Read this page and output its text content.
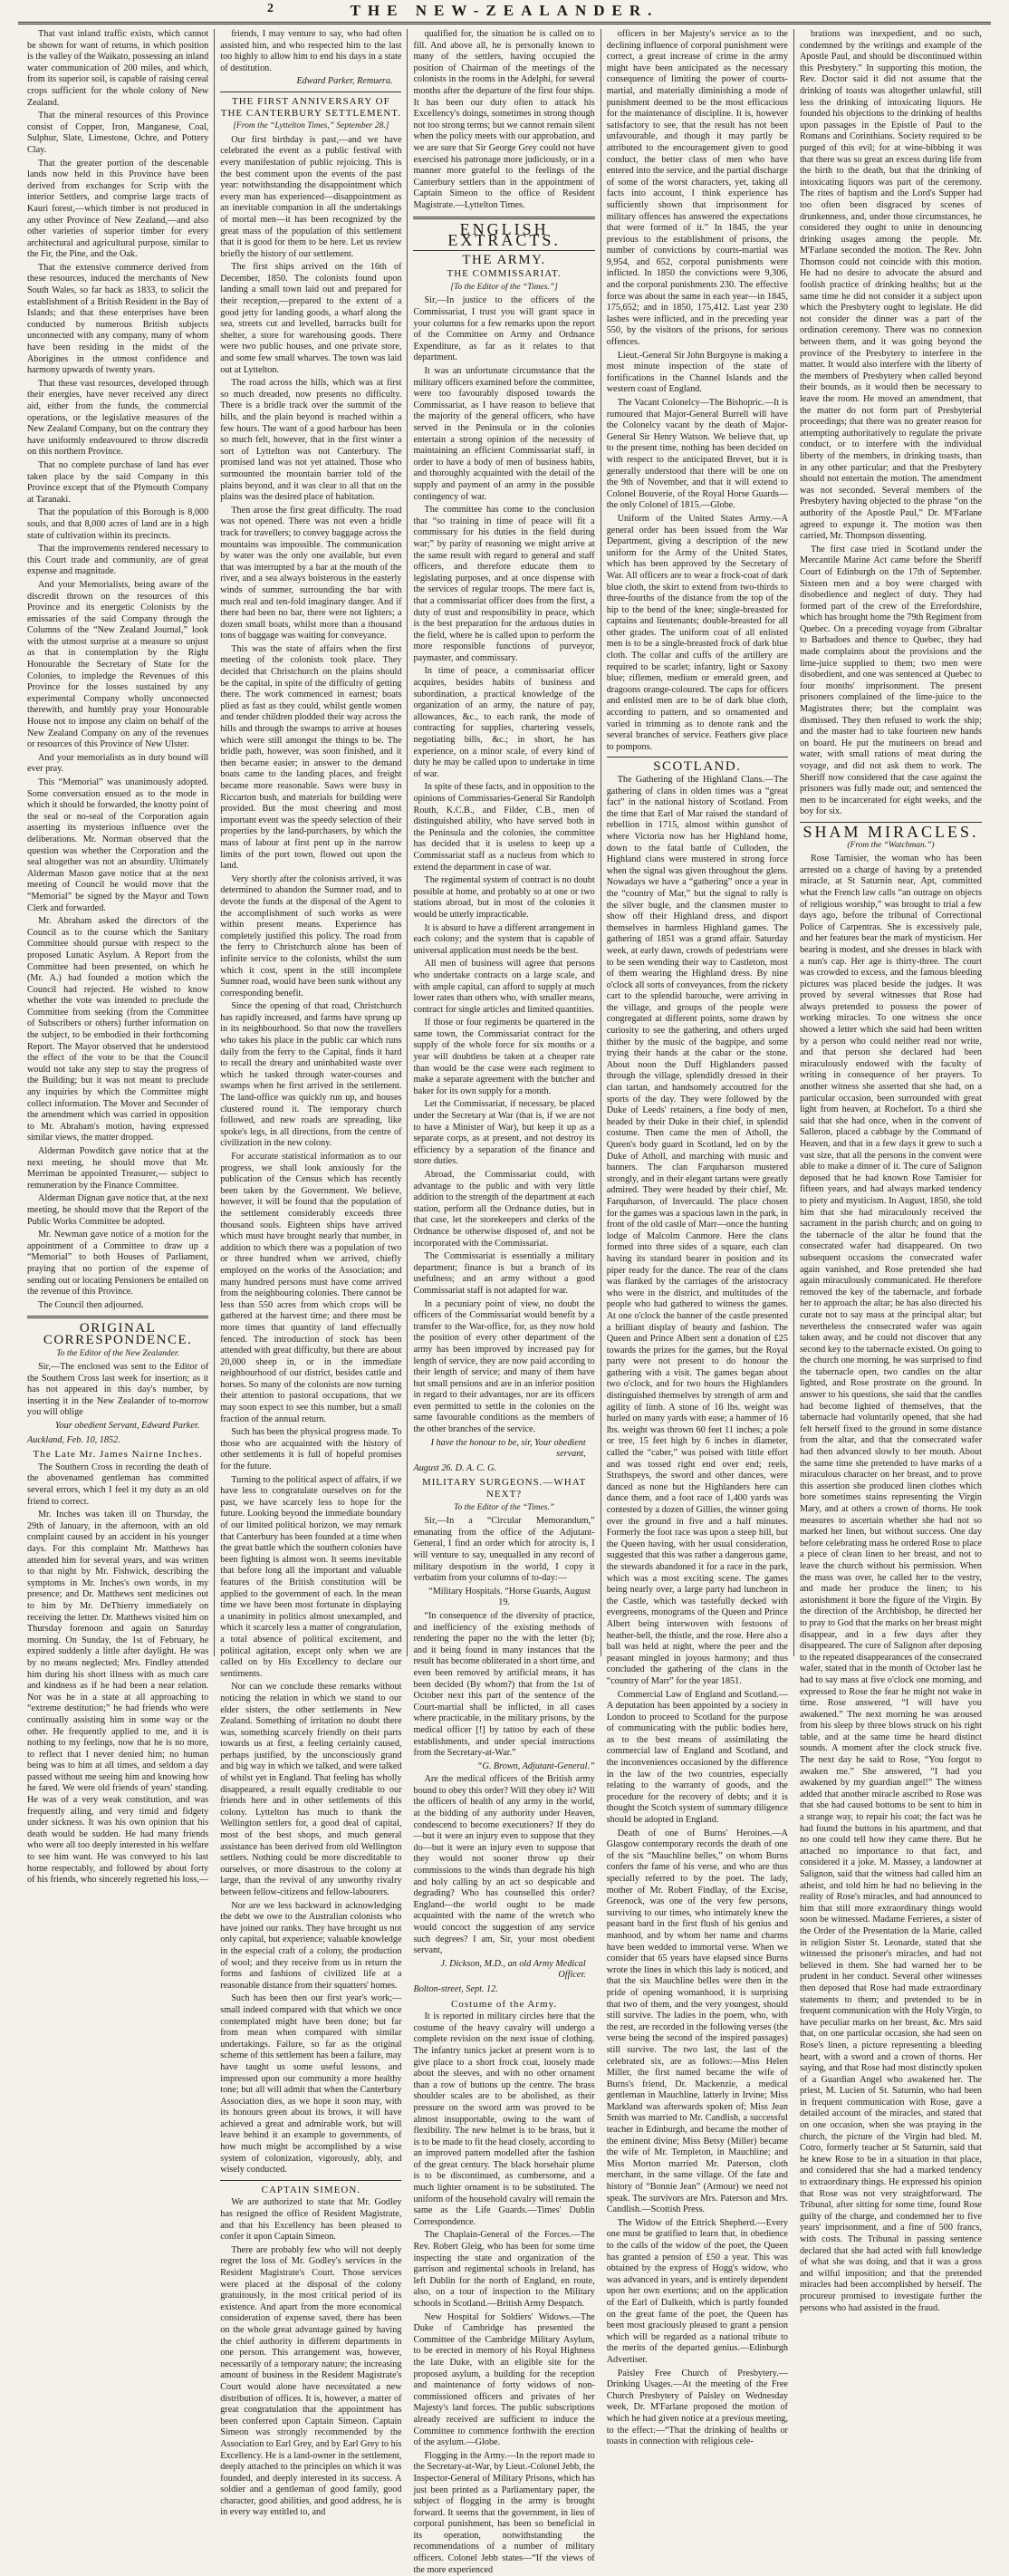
2	THE NEW-ZEALANDER.

That vast inland traffic exists, which cannot be shown for want of returns, in which position is the valley of the Waikato, possessing an inland water communication of 200 miles, and which, from its superior soil, is capable of raising cereal crops sufficient for the whole colony of New Zealand.

That the mineral resources of this Province consist of Copper, Iron, Manganese, Coal, Sulphur, Slate, Limestone, Ochre, and Pottery Clay.

That the greater portion of the descenable lands now held in this Province have been derived from exchanges for Scrip with the interior Settlers, and comprise large tracts of Kauri forest,—which timber is not produced in any other Province of New Zealand,—and also other varieties of superior timber for every architectural and agricultural purpose, similar to the Fir, the Pine, and the Oak.

That the extensive commerce derived from these resources, induced the merchants of New South Wales, so far back as 1833, to solicit the establishment of a British Resident in the Bay of Islands; and that these enterprises have been conducted by numerous British subjects unconnected with any company, many of whom have been residing in the midst of the Aborigines in the utmost confidence and harmony upwards of twenty years.

That these vast resources, developed through their energies, have never received any direct aid, either from the funds, the commercial operations, or the legislative measures of the New Zealand Company, but on the contrary they have uniformly endeavoured to throw discredit on this northern Province.

That no complete purchase of land has ever taken place by the said Company in this Province except that of the Plymouth Company at Taranaki.

That the population of this Borough is 8,000 souls, and that 8,000 acres of land are in a high state of cultivation within its precincts.

That the improvements rendered necessary to this Court trade and community, are of great expense and magnitude.

And your Memorialists, being aware of the discredit thrown on the resources of this Province and its energetic Colonists by the emissaries of the said Company through the Columns of the “New Zealand Journal,” look with the utmost surprise at a measure so unjust as that in contemplation by the Right Honourable the Secretary of State for the Colonies, to impledge the Revenues of this Province for the losses sustained by any experimental Company wholly unconnected therewith, and humbly pray your Honourable House not to impose any claim on behalf of the New Zealand Company on any of the revenues or resources of this Province of New Ulster.

And your memorialists as in duty bound will ever pray.

This “Memorial” was unanimously adopted. Some conversation ensued as to the mode in which it should be forwarded, the knotty point of the seal or no-seal of the Corporation again asserting its mysterious influence over the deliberations. Mr. Norman observed that the question was whether the Corporation and the seal altogether was not an absurdity. Ultimately Alderman Mason gave notice that at the next meeting of Council he would move that the “Memorial” be signed by the Mayor and Town Clerk and forwarded.

Mr. Abraham asked the directors of the Council as to the course which the Sanitary Committee should pursue with respect to the proposed Lunatic Asylum. A Report from the Committee had been presented, on which he (Mr. A.) had founded a motion which the Council had rejected. He wished to know whether the vote was intended to preclude the Committee from seeking (from the Committee of Subscribers or others) further information on the subject, to be embodied in their forthcoming Report. The Mayor observed that he understood the effect of the vote to be that the Council would not take any step to stay the progress of the Building; but it was not meant to preclude any inquiries by which the Committee might collect information. The Mover and Seconder of the amendment which was carried in opposition to Mr. Abraham's motion, having expressed similar views, the matter dropped.

Alderman Powditch gave notice that at the next meeting, he should move that Mr. Merriman be appointed Treasurer,— subject to remuneration by the Finance Committee.

Alderman Dignan gave notice that, at the next meeting, he should move that the Report of the Public Works Committee be adopted.

Mr. Newman gave notice of a motion for the appointment of a Committee to draw up a “Memorial” to both Houses of Parliament, praying that no portion of the expense of sending out or locating Pensioners be entailed on the revenue of this Province.

The Council then adjourned.

ORIGINAL CORRESPONDENCE.
To the Editor of the New Zealander.

Sir,—The enclosed was sent to the Editor of the Southern Cross last week for insertion; as it has not appeared in this day's number, by inserting it in the New Zealander of to-morrow you will oblige

Your obedient Servant, Edward Parker.
Auckland, Feb. 10, 1852.
The Late Mr. James Nairne Inches.

The Southern Cross in recording the death of the abovenamed gentleman has committed several errors, which I feel it my duty as an old friend to correct.

Mr. Inches was taken ill on Thursday, the 29th of January, in the afternoon, with an old complaint caused by an accident in his younger days. For this complaint Mr. Matthews has attended him for several years, and was written to that night by Mr. Fishwick, describing the symptoms in Mr. Inches's own words, in my presence; and Dr. Matthews sent medicines out to him by Mr. DeThierry immediately on receiving the letter. Dr. Matthews visited him on Thursday forenoon and again on Saturday morning. On Sunday, the 1st of February, he expired suddenly a little after daylight. He was by no means neglected; Mrs. Findley attended him during his short illness with as much care and kindness as if he had been a near relation. Nor was he in a state at all approaching to “extreme destitution;” he had friends who were continually assisting him in some way or the other. He frequently applied to me, and it is nothing to my feelings, now that he is no more, to reflect that I never denied him; no human being was to him at all times, and seldom a day passed without me seeing him and knowing how he fared. We were old friends of years' standing. He was of a very weak constitution, and was frequently ailing, and very timid and fidgety under sickness. It was his own opinion that his death would be sudden. He had many friends who were all too deeply interested in his welfare to see him want. He was conveyed to his last home respectably, and followed by about forty of his friends, who sincerely regretted his loss,—

friends, I may venture to say, who had often assisted him, and who respected him to the last too highly to allow him to end his days in a state of destitution.

Edward Parker, Remuera.
THE FIRST ANNIVERSARY OF THE CANTERBURY SETTLEMENT.
[From the “Lyttelton Times,” September 28.]

Our first birthday is past,—and we have celebrated the event as a public festival with every manifestation of public rejoicing. This is the best comment upon the events of the past year: notwithstanding the disappointment which every man has experienced—disappointment as an inevitable companion in all the undertakings of mortal men—it has been recognized by the great mass of the population of this settlement that it is good for them to be here. Let us review briefly the history of our settlement.

The first ships arrived on the 16th of December, 1850. The colonists found upon landing a small town laid out and prepared for their reception,—prepared to the extent of a good jetty for landing goods, a wharf along the sea, streets cut and levelled, barracks built for shelter, a store for warehousing goods. There were two public houses, and one private store, and some few small wharves. The town was laid out at Lyttelton.

The road across the hills, which was at first so much dreaded, now presents no difficulty. There is a bridle track over the summit of the hills, and the plain beyond is reached within a few hours. The want of a good harbour has been so much felt, however, that in the first winter a sort of Lyttelton was not Canterbury. The promised land was not yet attained. Those who surmounted the mountain barrier told of the plains beyond, and it was clear to all that on the plains was the desired place of habitation.

Then arose the first great difficulty. The road was not opened. There was not even a bridle track for travellers; to convey baggage across the mountains was impossible. The communication by water was the only one available, but even that was interrupted by a bar at the mouth of the river, and a sea always boisterous in the easterly winds of summer, surrounding the bar with much real and ten-fold imaginary danger. And if there had been no bar, there were not lighters; a dozen small boats, whilst more than a thousand tons of baggage was waiting for conveyance.

This was the state of affairs when the first meeting of the colonists took place. They decided that Christchurch on the plains should be the capital, in spite of the difficulty of getting there. The work commenced in earnest; boats plied as fast as they could, whilst gentle women and tender children plodded their way across the hills and through the swamps to arrive at houses which were still amongst the things to be. The bridle path, however, was soon finished, and it then became easier; in answer to the demand boats came to the landing places, and freight became more reasonable. Saws were busy in Riccarton bush, and materials for building were provided. But the most cheering and most important event was the speedy selection of their properties by the land-purchasers, by which the mass of labour at first pent up in the narrow limits of the port town, flowed out upon the land.

Very shortly after the colonists arrived, it was determined to abandon the Sumner road, and to devote the funds at the disposal of the Agent to the accomplishment of such works as were within present means. Experience has completely justified this policy. The road from the ferry to Christchurch alone has been of infinite service to the colonists, whilst the sum which it cost, spent in the still incomplete Sumner road, would have been sunk without any corresponding benefit.

Since the opening of that road, Christchurch has rapidly increased, and farms have sprung up in its neighbourhood. So that now the travellers who takes his place in the public car which runs daily from the ferry to the Capital, finds it hard to recall the dreary and uninhabited waste over which he tasked through water-courses and swamps when he first arrived in the settlement. The land-office was quickly run up, and houses clustered round it. The temporary church followed, and new roads are spreading, like spoke's legs, in all directions, from the centre of civilization in the new colony.

For accurate statistical information as to our progress, we shall look anxiously for the publication of the Census which has recently been taken by the Government. We believe, however, it will be found that the population of the settlement considerably exceeds three thousand souls. Eighteen ships have arrived which must have brought nearly that number, in addition to which there was a population of two or three hundred when we arrived, chiefly employed on the works of the Association; and many hundred persons must have come arrived from the neighbouring colonies. There cannot be less than 550 acres from which crops will be gathered at the harvest time; and there must be more times that quantity of land effectually fenced. The introduction of stock has been attended with great difficulty, but there are about 20,000 sheep in, or in the immediate neighbourhood of our district, besides cattle and horses. So many of the colonists are now turning their attention to pastoral occupations, that we may soon expect to see this number, but a small fraction of the annual return.

Such has been the physical progress made. To those who are acquainted with the history of other settlements it is full of hopeful promises for the future.

Turning to the political aspect of affairs, if we have less to congratulate ourselves on for the past, we have scarcely less to hope for the future. Looking beyond the immediate boundary of our limited political horizon, we may remark that Canterbury has been founded at a time when the great battle which the southern colonies have been fighting is almost won. It seems inevitable that before long all the important and valuable features of the British constitution will be applied to the government of each. In the mean time we have been most fortunate in displaying a unanimity in politics almost unexampled, and which it scarcely less a matter of congratulation, a total absence of political excitement, and political agitation, except only when we are called on by His Excellency to declare our sentiments.

Nor can we conclude these remarks without noticing the relation in which we stand to our elder sisters, the other settlements in New Zealand. Something of irritation no doubt there was, something scarcely friendly on their parts towards us at first, a feeling certainly caused, perhaps justified, by the unconsciously grand and big way in which we talked, and were talked of whilst yet in England. That feeling has wholly disappeared, a result equally creditable to our friends here and in other settlements of this colony. Lyttelton has much to thank the Wellington settlers for, a good deal of capital, most of the best shops, and much general assistance has been derived from old Wellington settlers. Nothing could be more discreditable to ourselves, or more disastrous to the colony at large, than the revival of any unworthy rivalry between fellow-citizens and fellow-labourers.

Nor are we less backward in acknowledging the debt we owe to the Australian colonists who have joined our ranks. They have brought us not only capital, but experience; valuable knowledge in the especial craft of a colony, the production of wool; and they receive from us in return the forms and fashions of civilized life at a reasonable distance from their squatters' homes.

Such has been then our first year's work;—small indeed compared with that which we once contemplated might have been done; but far from mean when compared with similar undertakings. Failure, so far as the original scheme of this settlement has been a failure, may have taught us some useful lessons, and impressed upon our community a more healthy tone; but all will admit that when the Canterbury Association dies, as we hope it soon may, with its honours green about its brows, it will have achieved a great and admirable work, but will leave behind it an example to governments, of how much might be accomplished by a wise system of colonization, vigorously, ably, and wisely conducted.

CAPTAIN SIMEON.

We are authorized to state that Mr. Godley has resigned the office of Resident Magistrate, and that his Excellency has been pleased to confer it upon Captain Simeon.

There are probably few who will not deeply regret the loss of Mr. Godley's services in the Resident Magistrate's Court. Those services were placed at the disposal of the colony gratuitously, in the most critical period of its existence. And apart from the more economical consideration of expense saved, there has been on the whole great advantage gained by having the chief authority in different departments in one person. This arrangement was, however, necessarily of a temporary nature; the increasing amount of business in the Resident Magistrate's Court would alone have necessitated a new distribution of offices. It is, however, a matter of great congratulation that the appointment has been conferred upon Captain Simeon. Captain Simeon was strongly recommended by the Association to Earl Grey, and by Earl Grey to his Excellency. He is a land-owner in the settlement, deeply attached to the principles on which it was founded, and deeply interested in its success. A soldier and a gentleman of good family, good character, good abilities, and good address, he is in every way entitled to, and

qualified for, the situation he is called on to fill. And above all, he is personally known to many of the settlers, having occupied the position of Chairman of the meetings of the colonists in the rooms in the Adelphi, for several months after the departure of the first four ships. It has been our duty often to attack his Excellency's doings, sometimes in strong though not too strong terms; but we cannot remain silent when the policy meets with our approbation, and we are sure that Sir George Grey could not have exercised his patronage more judiciously, or in a manner more grateful to the feelings of the Canterbury settlers than in the appointment of Captain Simeon to the office of Resident Magistrate.—Lyttelton Times.

ENGLISH EXTRACTS.
THE ARMY.
THE COMMISSARIAT.
[To the Editor of the “Times.”]

Sir,—In justice to the officers of the Commissariat, I trust you will grant space in your columns for a few remarks upon the report of the Committee on Army and Ordnance Expenditure, as far as it relates to that department.

It was an unfortunate circumstance that the military officers examined before the committee, were too favourably disposed towards the Commissariat, as I have reason to believe that the majority of the general officers, who have served in the Peninsula or in the colonies entertain a strong opinion of the necessity of maintaining an efficient Commissariat staff, in order to have a body of men of business habits, and thoroughly acquainted with the detail of the supply and payment of an army in the possible contingency of war.

The committee has come to the conclusion that “so training in time of peace will fit a commissary for his duties in the field during war;” by parity of reasoning we might arrive at the same result with regard to general and staff officers, and therefore educate them to legislating purposes, and at once dispense with the services of regular troops. The mere fact is, that a commissariat officer does from the first, a duty of trust and responsibility in peace, which is the best preparation for the arduous duties in the field, where he is called upon to perform the more responsible functions of purveyor, paymaster, and commissary.

In time of peace, a commissariat officer acquires, besides habits of business and subordination, a practical knowledge of the organization of an army, the nature of pay, allowances, &c., to each rank, the mode of contracting for supplies, chartering vessels, negotiating bills, &c.; in short, he has experience, on a minor scale, of every kind of duty he may be called upon to undertake in time of war.

In spite of these facts, and in opposition to the opinions of Commissaries-General Sir Randolph Routh, K.C.B., and Filder, C.B., men of distinguished ability, who have served both in the Peninsula and the colonies, the committee has decided that it is useless to keep up a Commissariat staff as a nucleus from which to extend the department in case of war.

The regimental system of contract is no doubt possible at home, and probably so at one or two stations abroad, but in most of the colonies it would be utterly impracticable.

It is absurd to have a different arrangement in each colony; and the system that is capable of universal application must needs be the best.

All men of business will agree that persons who undertake contracts on a large scale, and with ample capital, can afford to supply at much lower rates than others who, with smaller means, contract for single articles and limited quantities.

If those or four regiments be quartered in the same town, the Commissariat contract for the supply of the whole force for six months or a year will doubtless be taken at a cheaper rate than would be the case were each regiment to make a separate agreement with the butcher and baker for its own supply for a month.

Let the Commissariat, if necessary, be placed under the Secretary at War (that is, if we are not to have a Minister of War), but keep it up as a separate corps, as at present, and not destroy its efficiency by a separation of the finance and store duties.

Abroad, the Commissariat could, with advantage to the public and with very little addition to the strength of the department at each station, perform all the Ordnance duties, but in that case, let the storekeepers and clerks of the Ordnance be otherwise disposed of, and not be incorporated with the Commissariat.

The Commissariat is essentially a military department; finance is but a branch of its usefulness; and an army without a good Commissariat staff is not adapted for war.

In a pecuniary point of view, no doubt the officers of the Commissariat would benefit by a transfer to the War-office, for, as they now hold the position of every other department of the army has been improved by increased pay for length of service, they are now paid according to their length of service; and many of them have but small pensions and are in an inferior position in regard to their advantages, nor are its officers even permitted to settle in the colonies on the same favourable conditions as the members of the other branches of the service.

I have the honour to be, sir, Your obedient servant,
August 26. D. A. C. G.
MILITARY SURGEONS.—WHAT NEXT?
To the Editor of the “Times.”

Sir,—In a “Circular Memorandum,” emanating from the office of the Adjutant-General, I find an order which for atrocity is, I will venture to say, unequalled in any record of military despotism in the world, I copy it verbatim from your columns of to-day:—

“Military Hospitals. “Horse Guards, August 19.

“In consequence of the diversity of practice, and inefficiency of the existing methods of rendering the paper no the with the letter (b); and it being found in many instances that the result has become obliterated in a short time, and even been removed by artificial means, it has been decided (By whom?) that from the 1st of October next this part of the sentence of the Court-martial shall be inflicted, in all cases where practicable, in the military prisons, by the medical officer [!] by tattoo by each of these establishments, and under special instructions from the Secretary-at-War.”

“G. Brown, Adjutant-General.”

Are the medical officers of the British army bound to obey this order? Will they obey it? Will the officers of health of any army in the world, at the bidding of any authority under Heaven, condescend to become executioners? If they do—but it were an injury even to suppose that they do—but it were an injury even to suppose that they would not sooner throw up their commissions to the winds than degrade his high and holy calling by an act so despicable and degrading? Who has counselled this order? England—the world ought to be made acquainted with the name of the wretch who would concoct the suggestion of any service such degrees? I am, Sir, your most obedient servant,

J. Dickson, M.D., an old Army Medical Officer.
Bolton-street, Sept. 12.
Costume of the Army.

It is reported in military circles here that the costume of the heavy cavalry will undergo a complete revision on the next issue of clothing. The infantry tunics jacket at present worn is to give place to a short frock coat, loosely made about the sleeves, and with no other ornament than a row of buttons up the centre. The brass shoulder scales are to be abolished, as their pressure on the sword arm was proved to be almost insupportable, owing to the want of flexibility. The new helmet is to be brass, but it is to be made to fit the head closely, according to an improved pattern modelled after the fashion of the great century. The black horsehair plume is to be discontinued, as cumbersome, and a much lighter ornament is to be substituted. The uniform of the household cavalry will remain the same as the Life Guards.—Times' Dublin Correspondence.

The Chaplain-General of the Forces.—The Rev. Robert Gleig, who has been for some time inspecting the state and organization of the garrison and regimental schools in Ireland, has left Dublin for the north of England, en route, also, on a tour of inspection to the Military schools in Scotland.—British Army Despatch.

New Hospital for Soldiers' Widows.—The Duke of Cambridge has presented the Committee of the Cambridge Military Asylum, to be erected in memory of his Royal Highness the late Duke, with an eligible site for the proposed asylum, a building for the reception and maintenance of forty widows of non-commissioned officers and privates of her Majesty's land forces. The public subscriptions already received are sufficient to induce the Committee to commence forthwith the erection of the asylum.—Globe.

Flogging in the Army.—In the report made to the Secretary-at-War, by Lieut.-Colonel Jebb, the Inspector-General of Military Prisons, which has just been printed as a Parliamentary paper, the subject of flogging in the army is brought forward. It seems that the government, in lieu of corporal punishment, has been so beneficial in its operation, notwithstanding the recommendations of a number of military officers. Colonel Jebb states—“If the views of the more experienced

officers in her Majesty's service as to the declining influence of corporal punishment were correct, a great increase of crime in the army might have been anticipated as the necessary consequence of limiting the power of courts-martial, and materially diminishing a mode of punishment deemed to be the most efficacious for the maintenance of discipline. It is, however satisfactory to see, that the result has not been unfavourable, and though it may partly be attributed to the encouragement given to good conduct, the better class of men who have entered into the service, and the partial discharge of some of the worst characters, yet, taking all facts into account, I think experience has sufficiently shown that imprisonment for military offences has answered the expectations that were formed of it.” In 1845, the year previous to the establishment of prisons, the number of convictions by courts-martial was 9,954, and 652, corporal punishments were inflicted. In 1850 the convictions were 9,306, and the corporal punishments 230. The effective force was about the same in each year—in 1845, 175,652; and in 1850, 175,412. Last year 230 lashes were inflicted, and in the preceding year 550, by the visitors of the prisons, for serious offences.

Lieut.-General Sir John Burgoyne is making a most minute inspection of the state of fortifications in the Channel Islands and the western coast of England.

The Vacant Colonelcy—The Bishopric.—It is rumoured that Major-General Burrell will have the Colonelcy vacant by the death of Major-General Sir Henry Watson. We believe that, up to the present time, nothing has been decided on with respect to the anticipated Brevet, but it is generally understood that there will be one on the 9th of November, and that it will extend to Colonel Bouverie, of the Royal Horse Guards—the only Colonel of 1815.—Globe.

Uniform of the United States Army.—A general order has been issued from the War Department, giving a description of the new uniform for the Army of the United States, which has been approved by the Secretary of War. All officers are to wear a frock-coat of dark blue cloth, the skirt to extend from two-thirds to three-fourths of the distance from the top of the hip to the bend of the knee; single-breasted for captains and lieutenants; double-breasted for all other grades. The uniform coat of all enlisted men is to be a single-breasted frock of dark blue cloth. The collar and cuffs of the artillery are required to be scarlet; infantry, light or Saxony blue; riflemen, medium or emerald green, and dragoons orange-coloured. The caps for officers and enlisted men are to be of dark blue cloth, according to pattern, and so ornamented and varied in trimming as to denote rank and the several branches of service. Feathers give place to pompons.

SCOTLAND.

The Gathering of the Highland Clans.—The gathering of clans in olden times was a “great fact” in the national history of Scotland. From the time that Earl of Mar raised the standard of rebellion in 1715, almost within gunshot of where Victoria now has her Highland home, down to the fatal battle of Culloden, the Highland clans were mustered in strong force when the signal was given throughout the glens. Nowadays we have a “gathering” once a year in the “country of Mar,” but the signal to rally is the silver bugle, and the clansmen muster to show off their Highland dress, and disport themselves in harmless Highland games. The gathering of 1851 was a grand affair. Saturday week, at early dawn, crowds of pedestrians were to be seen wending their way to Castleton, most of them wearing the Highland dress. By nine o'clock all sorts of conveyances, from the rickety cart to the splendid barouche, were arriving in the village, and groups of the people were congregated at different points, some drawn by curiosity to see the gathering, and others urged thither by the music of the bagpipe, and some trying their hands at the cabar or the stone. About noon the Duff Highlanders passed through the village, splendidly dressed in their clan tartan, and handsomely accoutred for the sports of the day. They were followed by the Duke of Leeds' retainers, a fine body of men, headed by their Duke in their chief, in splendid costume. Then came the men of Atholl, the Queen's body guard in Scotland, led on by the Duke of Atholl, and marching with music and banners. The clan Farquharson mustered strongly, and in their elegant tartans were greatly admired. They were headed by their chief, Mr. Farquharson, of Invercauld. The place chosen for the games was a spacious lawn in the park, in front of the old castle of Marr—once the hunting lodge of Malcolm Canmore. Here the clans formed into three sides of a square, each clan having its standard bearer in position and its piper ready for the dance. The rear of the clans was flanked by the carriages of the aristocracy who were in the district, and multitudes of the people who had gathered to witness the games. At one o'clock the banner of the castle presented a brilliant display of beauty and fashion. The Queen and Prince Albert sent a donation of £25 towards the prizes for the games, but the Royal party were not present to do honour the gathering with a visit. The games began about two o'clock, and for two hours the Highlanders distinguished themselves by strength of arm and agility of limb. A stone of 16 lbs. weight was hurled on many yards with ease; a hammer of 16 lbs. weight was thrown 60 feet 11 inches; a pole or tree, 15 feet high by 6 inches in diameter, called the “caber,” was poised with little effort and was tossed right end over end; reels, Strathspeys, the sword and other dances, were danced as none but the Highlanders here can dance them, and a foot race of 1,400 yards was contested by a dozen of Gillies, the winner going over the ground in five and a half minutes. Formerly the foot race was upon a steep hill, but the Queen having, with her usual consideration, suggested that this was rather a dangerous game, the stewards abandoned it for a race in the park, which was a most exciting scene. The games being nearly over, a large party had luncheon in the Castle, which was tastefully decked with evergreens, monograms of the Queen and Prince Albert being interwoven with festoons of heather-bell, the thistle, and the rose. Here also a ball was held at night, where the peer and the peasant mingled in joyous harmony; and thus concluded the gathering of the clans in the “country of Marr” for the year 1851.

Commercial Law of England and Scotland.—A deputation has been appointed by a society in London to proceed to Scotland for the purpose of communicating with the public bodies here, as to the best means of assimilating the commercial law of England and Scotland, and the inconveniences occasioned by the difference in the law of the two countries, especially relating to the warranty of goods, and the procedure for the recovery of debts; and it is thought the Scotch system of summary diligence should be adopted in England.

Death of one of Burns' Heroines.—A Glasgow contemporary records the death of one of the six “Mauchline belles,” on whom Burns confers the fame of his verse, and who are thus specially referred to by the poet. The lady, mother of Mr. Robert Findlay, of the Excise, Greenock, was one of the very few persons, surviving to our times, who intimately knew the peasant bard in the first flush of his genius and manhood, and by whom her name and charms have been wedded to immortal verse. When we consider that 65 years have elapsed since Burns wrote the lines in which this lady is noticed, and that the six Mauchline belles were then in the pride of opening womanhood, it is surprising that two of them, and the very youngest, should still survive. The ladies in the poem, who, with the rest, are recorded in the following verses (the verse being the second of the inspired passages) still survive. The two last, the last of the celebrated six, are as follows:—Miss Helen Miller, the first named became the wife of Burns's friend, Dr. Mackenzie, a medical gentleman in Mauchline, latterly in Irvine; Miss Markland was afterwards spoken of; Miss Jean Smith was married to Mr. Candlish, a successful teacher in Edinburgh, and became the mother of the eminent divine; Miss Betsy (Miller) became the wife of Mr. Templeton, in Mauchline; and Miss Morton married Mr. Paterson, cloth merchant, in the same village. Of the fate and history of “Bonnie Jean” (Armour) we need not speak. The survivors are Mrs. Paterson and Mrs. Candlish.—Scottish Press.

The Widow of the Ettrick Shepherd.—Every one must be gratified to learn that, in obedience to the calls of the widow of the poet, the Queen has granted a pension of £50 a year. This was obtained by the express of Hogg's widow, who was advanced in years, and is entirely dependent upon her own exertions; and on the application of the Earl of Dalkeith, which is partly founded on the great fame of the poet, the Queen has been most graciously pleased to grant a pension which will be regarded as a national tribute to the merits of the departed genius.—Edinburgh Advertiser.

Paisley Free Church of Presbytery.—Drinking Usages.—At the meeting of the Free Church Presbytery of Paisley on Wednesday week, Dr. M'Farlane proposed the motion of which he had given notice at a previous meeting, to the effect:—“That the drinking of healths or toasts in connection with religious cele-

brations was inexpedient, and no such, condemned by the writings and example of the Apostle Paul, and should be discontinued within this Presbytery.” In supporting this motion, the Rev. Doctor said it did not assume that the drinking of toasts was altogether unlawful, still less the drinking of intoxicating liquors. He founded his objections to the drinking of healths upon passages in the Epistle of Paul to the Romans and Corinthians. Society required to be purged of this evil; for at wine-bibbing it was that there was so great an excess during life from the birth to the death, but that the drinking of intoxicating liquors was part of the ceremony. The rites of baptism and the Lord's Supper had too often been disgraced by scenes of drunkenness, and, under those circumstances, he considered they ought to unite in denouncing drinking usages among the people. Mr. M'Farlane seconded the motion. The Rev. John Thomson could not coincide with this motion. He had no desire to advocate the absurd and foolish practice of drinking healths; but at the same time he did not consider it a subject upon which the Presbytery ought to legislate. He did not consider the dinner was a part of the ordination ceremony. There was no connexion between them, and it was going beyond the province of the Presbytery to interfere in the matter. It would also interfere with the liberty of the members of Presbytery when called beyond their bounds, as it would then be necessary to leave the room. He moved an amendment, that the matter do not form part of Presbyterial proceedings; that there was no greater reason for attempting authoritatively to regulate the private conduct, or to interfere with the individual liberty of the members, in drinking toasts, than in any other particular; and that the Presbytery should not entertain the motion. The amendment was not seconded. Several members of the Presbytery having objected to the phrase “on the authority of the Apostle Paul,” Dr. M'Farlane agreed to expunge it. The motion was then carried, Mr. Thompson dissenting.

The first case tried in Scotland under the Mercantile Marine Act came before the Sheriff Court of Edinburgh on the 17th of September. Sixteen men and a boy were charged with disobedience and neglect of duty. They had formed part of the crew of the Errefordshire, which has brought home the 79th Regiment from Quebec. On a preceding voyage from Gibraltar to Barbadoes and thence to Quebec, they had made complaints about the provisions and the lime-juice supplied to them; two men were disobedient, and one was sentenced at Quebec to four months' imprisonment. The present prisoners complained of the lime-juice to the Magistrates there; but the complaint was dismissed. They then refused to work the ship; and the master had to take fourteen new hands on board. He put the mutineers on bread and water, with small rations of meat during the voyage, and did not ask them to work. The Sheriff now considered that the case against the prisoners was fully made out; and sentenced the men to be incarcerated for eight weeks, and the boy for six.

SHAM MIRACLES.
(From the “Watchman.”)

Rose Tamisier, the woman who has been arrested on a charge of having by a pretended miracle, at St Saturnin near, Apt, committed what the French law calls “an outrage on objects of religious worship,” was brought to trial a few days ago, before the tribunal of Correctional Police of Carpentras. She is excessively pale, and her features bear the mark of mysticism. Her bearing is modest, and she dresses in black with a nun's cap. Her age is thirty-three. The court was crowded to excess, and the famous bleeding pictures was placed beside the judges. It was proved by several witnesses that Rose had always pretended to possess the power of working miracles. To one witness she once showed a letter which she said had been written by a person who could neither read nor write, and that person she declared had been miraculously endowed with the faculty of writing in consequence of her prayers. To another witness she asserted that she had, on a particular occasion, been surrounded with great light from heaven, at Rochefort. To a third she said that she had once, when in the convent of Salleron, placed a cabbage by the Command of Heaven, and that in a few days it grew to such a vast size, that all the persons in the convent were able to make a dinner of it. The cure of Salignon deposed that he had known Rose Tamisier for fifteen years, and had always marked tendency to piety and mysticism. In August, 1850, she told him that she had miraculously received the sacrament in the parish church; and on going to the tabernacle of the altar he found that the consecrated wafer had disappeared. On two subsequent occasions the consecrated wafer again vanished, and Rose pretended she had again miraculously communicated. He therefore removed the key of the tabernacle, and forbade her to approach the altar; he has also directed his curate not to say mass at the principal altar; but nevertheless the consecrated wafer was again taken away, and he could not discover that any second key to the tabernacle existed. On going to the church one morning, he was surprised to find the tabernacle open, two candles on the altar lighted, and Rose prostrate on the ground. In answer to his questions, she said that the candles had become lighted of themselves, that the tabernacle had voluntarily opened, that she had felt herself fixed to the ground in some distance from the altar, and that the consecrated wafer had then advanced slowly to her mouth. About the same time she pretended to have marks of a miraculous character on her breast, and to prove this assertion she produced linen clothes which bore sometimes stains representing the Virgin Mary, and at others a crown of thorns. He took measures to ascertain whether she had not so marked her linen, but without success. One day before celebrating mass he ordered Rose to place a piece of clean linen to her breast, and not to leave the church without his permission. When the mass was over, he called her to the vestry, and made her produce the linen; to his astonishment it bore the figure of the Virgin. By the direction of the Archbishop, he directed her to pray to God that the marks on her breast might disappear, and in a few days after they disappeared. The cure of Salignon after deposing to the repeated disappearances of the consecrated wafer, stated that in the month of October last he had to say mass at five o'clock one morning, and expressed to Rose the fear he might not wake in time. Rose answered, “I will have you awakened.” The next morning he was aroused from his sleep by three blows struck on his right table, and at the same time he heard distinct sounds. A moment after the clock struck five. The next day he said to Rose, “You forgot to awaken me.” She answered, “I had you awakened by my guardian angel!” The witness added that another miracle ascribed to Rose was that she had caused bottoms to be sent to him in a strange way, to repair his coat; the fact was he had found the buttons in his apartment, and that no one could tell how they came there. But he attached no importance to that fact, and considered it a joke. M. Massey, a landowner at Salignon, said that the witness had called him an atheist, and told him he had no believing in the reality of Rose's miracles, and had announced to him that still more extraordinary things would soon be witnessed. Madame Ferrieres, a sister of the Order of the Presentation de la Marie, called in religion Sister St. Leonarde, stated that she witnessed the prisoner's miracles, and had not believed in them. She had warned her to be prudent in her conduct. Several other witnesses then deposed that Rose had made extraordinary statements to them; and pretended to be in frequent communication with the Holy Virgin, to have peculiar marks on her breast, &c. Mrs said that, on one particular occasion, she had seen on Rose's linen, a picture representing a bleeding heart, with a sword and a crown of thorns. Her saying, and that Rose had most distinctly spoken of a Guardian Angel who awakened her. The priest, M. Lucien of St. Saturnin, who had been in frequent communication with Rose, gave a detailed account of the miracles, and stated that on one occasion, when she was praying in the church, the picture of the Virgin had bled. M. Cotro, formerly teacher at St Saturnin, said that he knew Rose to be in a situation in that place, and considered that she had a marked tendency to extraordinary things. He expressed his opinion that Rose was not very straightforward. The Tribunal, after sitting for some time, found Rose guilty of the charge, and condemned her to five years' imprisonment, and a fine of 500 francs, with costs. The Tribunal in passing sentence declared that she had acted with full knowledge of what she was doing, and that it was a gross and wilful imposition; and that the pretended miracles had been accomplished by herself. The procureur promised to investigate further the persons who had assisted in the fraud.
